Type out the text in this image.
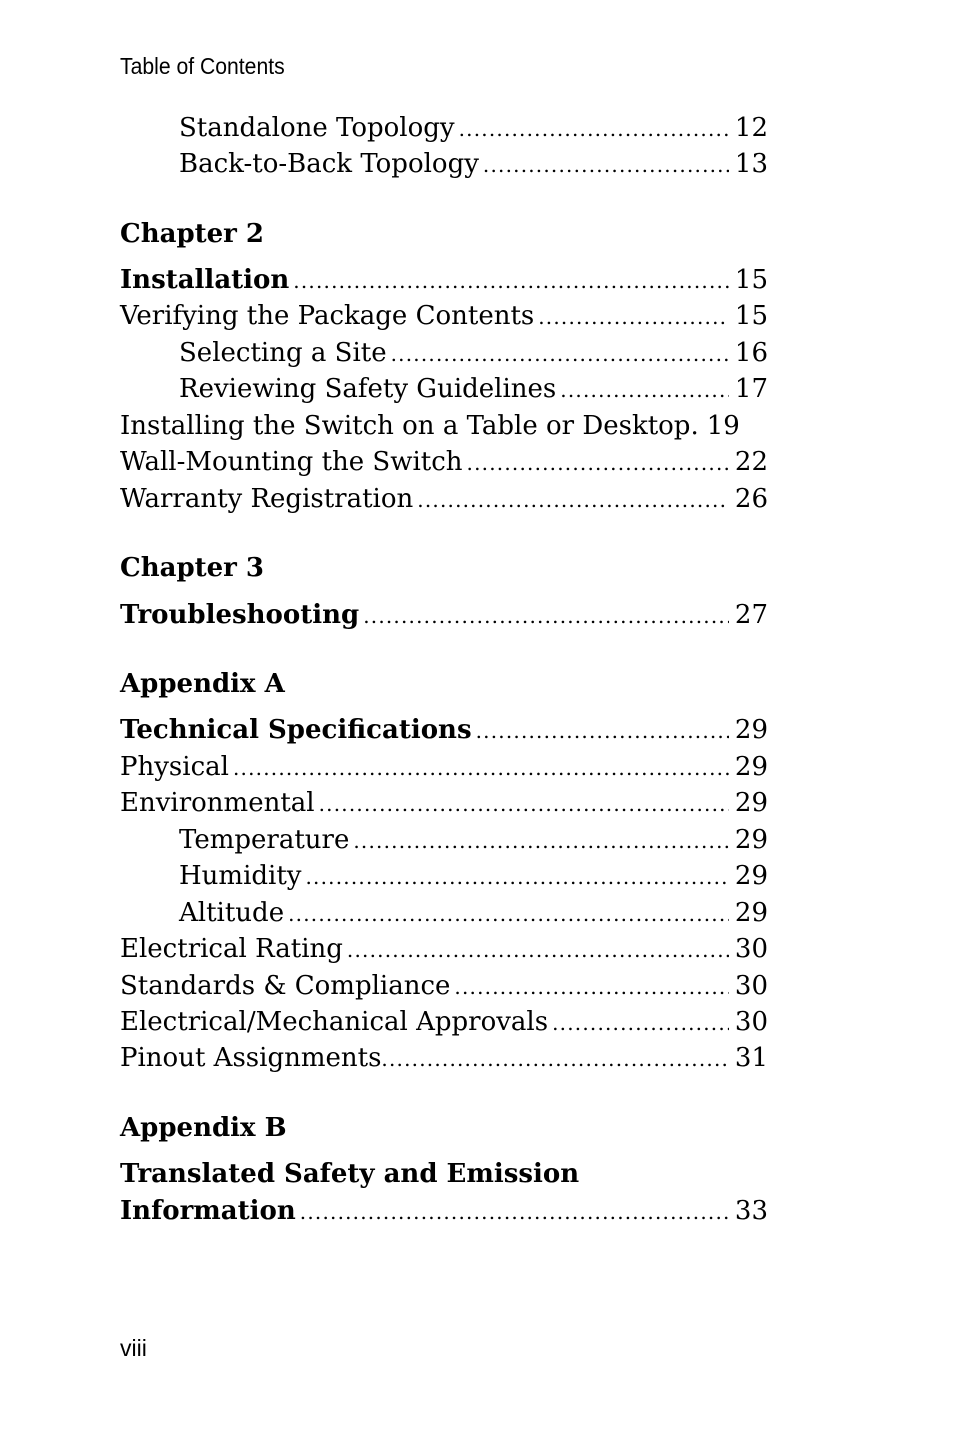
Table of Contents
Standalone Topology .....	12
Back-to-Back Topology .....	13
Chapter 2
Installation .....	15
Verifying the Package Contents .....	15
Selecting a Site .....	16
Reviewing Safety Guidelines .....	17
Installing the Switch on a Table or Desktop. 19
Wall-Mounting the Switch .....	22
Warranty Registration .....	26
Chapter 3
Troubleshooting .....	27
Appendix A
Technical Specifications .....	29
Physical .....	29
Environmental .....	29
Temperature .....	29
Humidity .....	29
Altitude .....	29
Electrical Rating .....	30
Standards & Compliance .....	30
Electrical/Mechanical Approvals .....	30
Pinout Assignments .....	31
Appendix B
Translated Safety and Emission
Information .....	33
viii
